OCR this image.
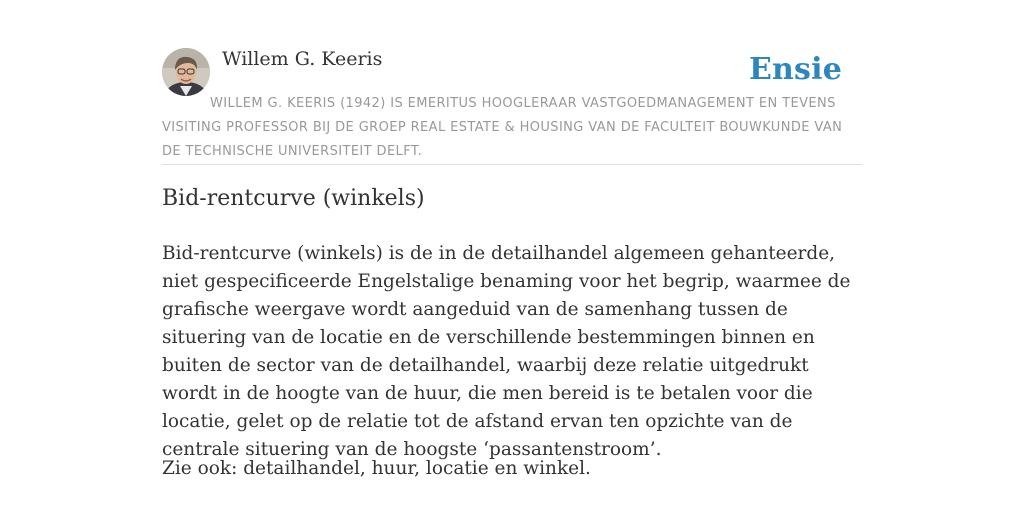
Willem G. Keeris	Ensie
WILLEM G. KEERIS (1942) IS EMERITUS HOOGLERAAR VASTGOEDMANAGEMENT EN TEVENS VISITING PROFESSOR BIJ DE GROEP REAL ESTATE & HOUSING VAN DE FACULTEIT BOUWKUNDE VAN DE TECHNISCHE UNIVERSITEIT DELFT.
Bid-rentcurve (winkels)

Bid-rentcurve (winkels) is de in de detailhandel algemeen gehanteerde, niet gespecificeerde Engelstalige benaming voor het begrip, waarmee de grafische weergave wordt aangeduid van de samenhang tussen de situering van de locatie en de verschillende bestemmingen binnen en buiten de sector van de detailhandel, waarbij deze relatie uitgedrukt wordt in de hoogte van de huur, die men bereid is te betalen voor die locatie, gelet op de relatie tot de afstand ervan ten opzichte van de centrale situering van de hoogste ‘passantenstroom’.

Zie ook: detailhandel, huur, locatie en winkel.
